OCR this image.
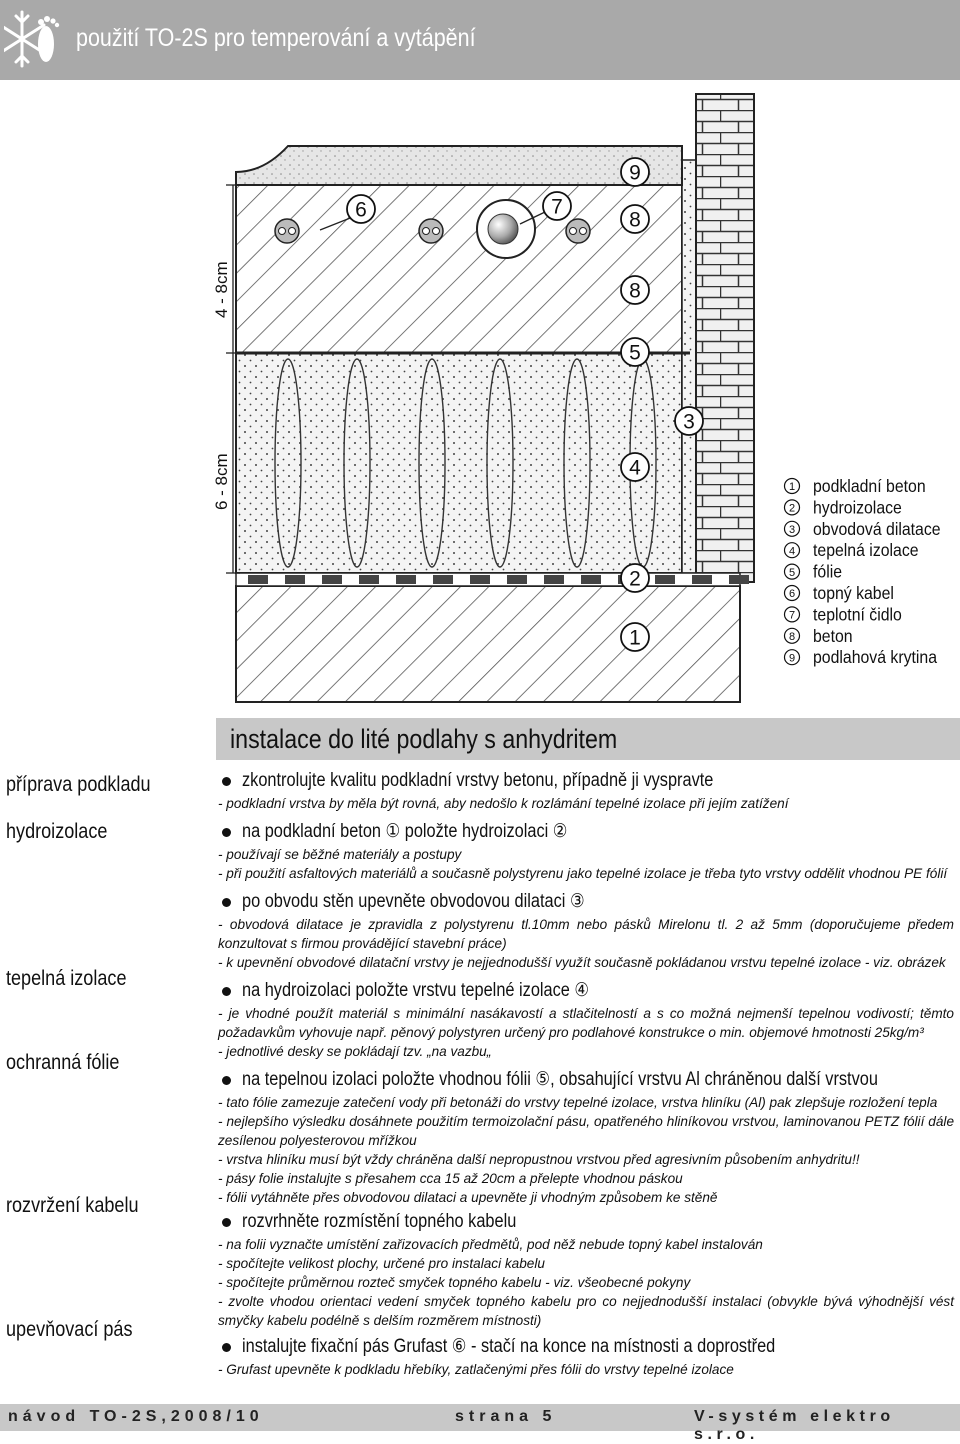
použití TO-2S pro temperování a vytápění
4 - 8cm
6 - 8cm
6	7
9
8
8
5
3
4
2
1
1 podkladní beton
2 hydroizolace
3 obvodová dilatace
4 tepelná izolace
5 fólie
6 topný kabel
7 teplotní čidlo
8 beton
9 podlahová krytina
instalace do lité podlahy s anhydritem
příprava podkladu
hydroizolace
tepelná izolace
ochranná fólie
rozvržení kabelu
upevňovací pás
zkontrolujte kvalitu podkladní vrstvy betonu, případně ji vyspravte
- podkladní vrstva by měla být rovná, aby nedošlo k rozlámání tepelné izolace při jejím zatížení
na podkladní beton ① položte hydroizolaci ②
- používají se běžné materiály a postupy
- při použití asfaltových materiálů a současně polystyrenu jako tepelné izolace je třeba tyto vrstvy oddělit vhodnou PE fólií
po obvodu stěn upevněte obvodovou dilataci ③
- obvodová dilatace je zpravidla z polystyrenu tl.10mm nebo pásků Mirelonu tl. 2 až 5mm (doporučujeme předem konzultovat s firmou provádějící stavební práce)
- k upevnění obvodové dilatační vrstvy je nejjednodušší využít současně pokládanou vrstvu tepelné izolace - viz. obrázek
na hydroizolaci položte vrstvu tepelné izolace ④
- je vhodné použít materiál s minimální nasákavostí a stlačitelností a s co možná nejmenší tepelnou vodivostí; těmto požadavkům vyhovuje např. pěnový polystyren určený pro podlahové konstrukce o min. objemové hmotnosti 25kg/m³
- jednotlivé desky se pokládají tzv. „na vazbu„
na tepelnou izolaci položte vhodnou fólii ⑤, obsahující vrstvu Al chráněnou další vrstvou
- tato fólie zamezuje zatečení vody při betonáži do vrstvy tepelné izolace, vrstva hliníku (Al) pak zlepšuje rozložení tepla
- nejlepšího výsledku dosáhnete použitím termoizolační pásu, opatřeného hliníkovou vrstvou, laminovanou PETZ fólií dále zesílenou polyesterovou mřížkou
- vrstva hliníku musí být vždy chráněna další nepropustnou vrstvou před agresivním působením anhydritu!!
- pásy folie instalujte s přesahem cca 15 až 20cm a přelepte vhodnou páskou
- fólii vytáhněte přes obvodovou dilataci a upevněte ji vhodným způsobem ke stěně
rozvrhněte rozmístění topného kabelu
- na folii vyznačte umístění zařizovacích předmětů, pod něž nebude topný kabel instalován
- spočítejte velikost plochy, určené pro instalaci kabelu
- spočítejte průměrnou rozteč smyček topného kabelu - viz. všeobecné pokyny
- zvolte vhodou orientaci vedení smyček topného kabelu pro co nejjednodušší instalaci (obvykle bývá výhodnější vést smyčky kabelu podélně s delším rozměrem místnosti)
instalujte fixační pás Grufast ⑥ - stačí na konce na místnosti a doprostřed
- Grufast upevněte k podkladu hřebíky, zatlačenými přes fólii do vrstvy tepelné izolace
návod TO-2S,2008/10	strana 5	V-systém elektro s.r.o.
